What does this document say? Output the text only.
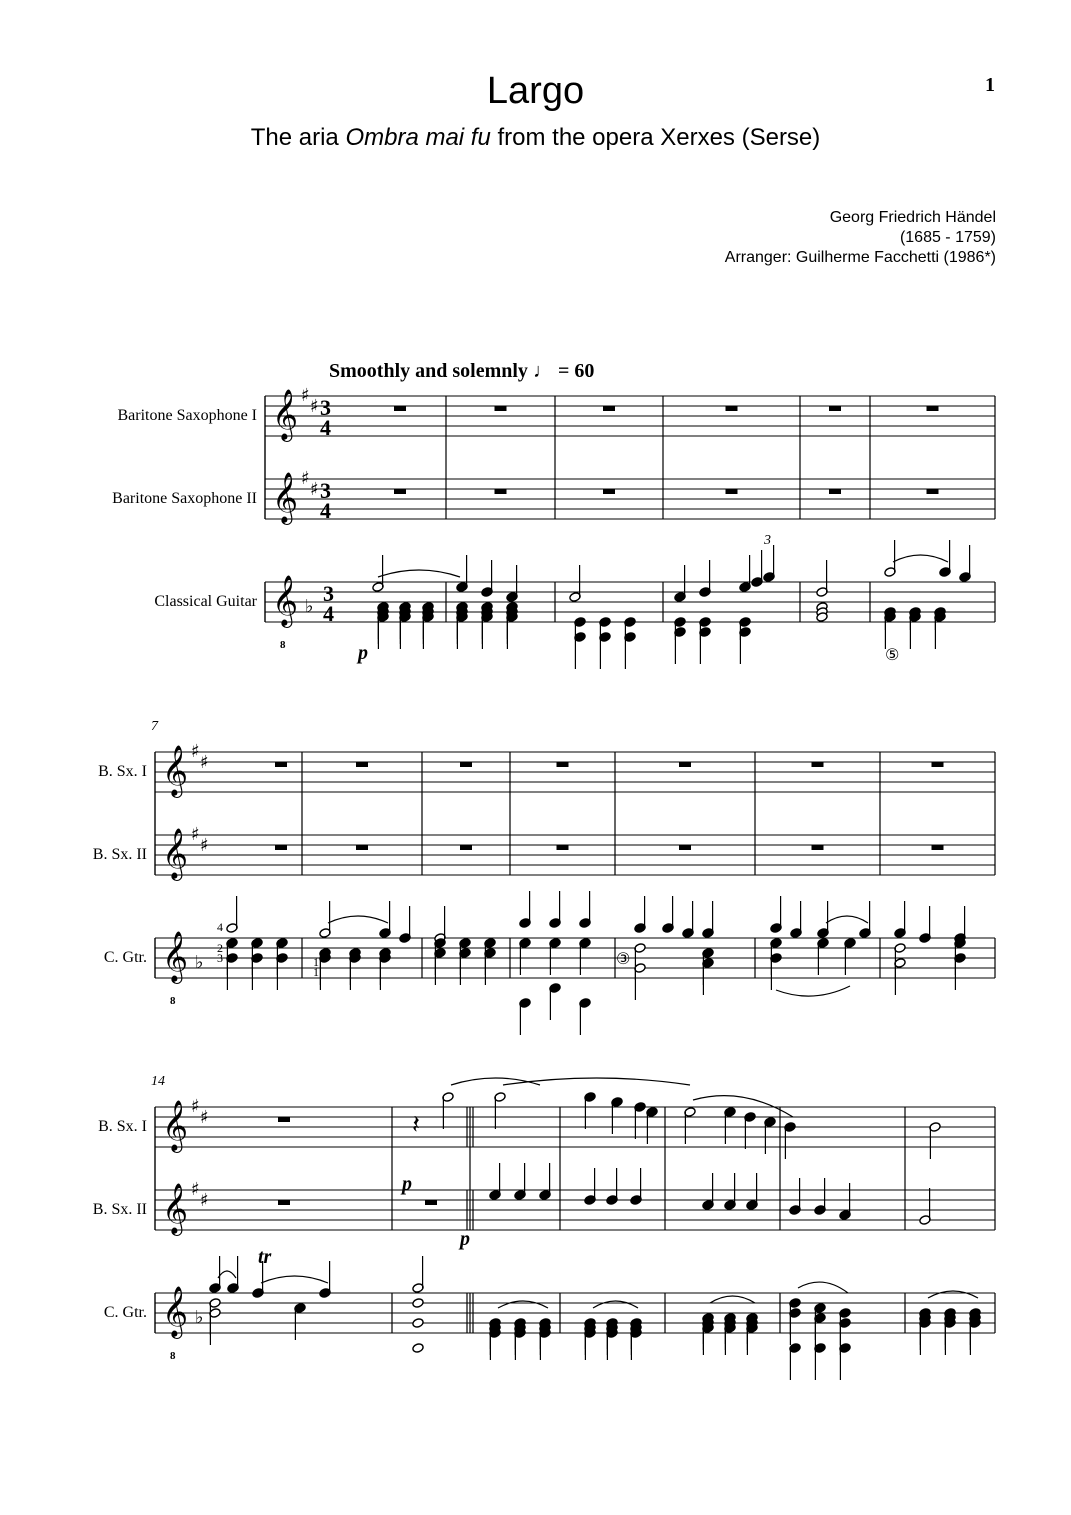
Largo
The aria Ombra mai fu from the opera Xerxes (Serse)
1
Georg Friedrich Händel
(1685 - 1759)
Arranger: Guilherme Facchetti (1986*)
Smoothly and solemnly ♩ = 60
Baritone Saxophone I
Baritone Saxophone II
Classical Guitar
B. Sx. I
B. Sx. II
C. Gtr.
7
B. Sx. I
B. Sx. II
C. Gtr.
14
𝄞 ♯
♯ 3
4
𝄞 ♯
♯ 3
4
𝄞 ♭
3
4
8
𝄞 ♯
♯
𝄞 ♯
♯
𝄞 ♭
8
𝄞 ♯
♯
𝄞 ♯
♯
𝄞 ♭
8
p
3
⑤
4
2
3	1
1
③
𝄽
p
p
tr
